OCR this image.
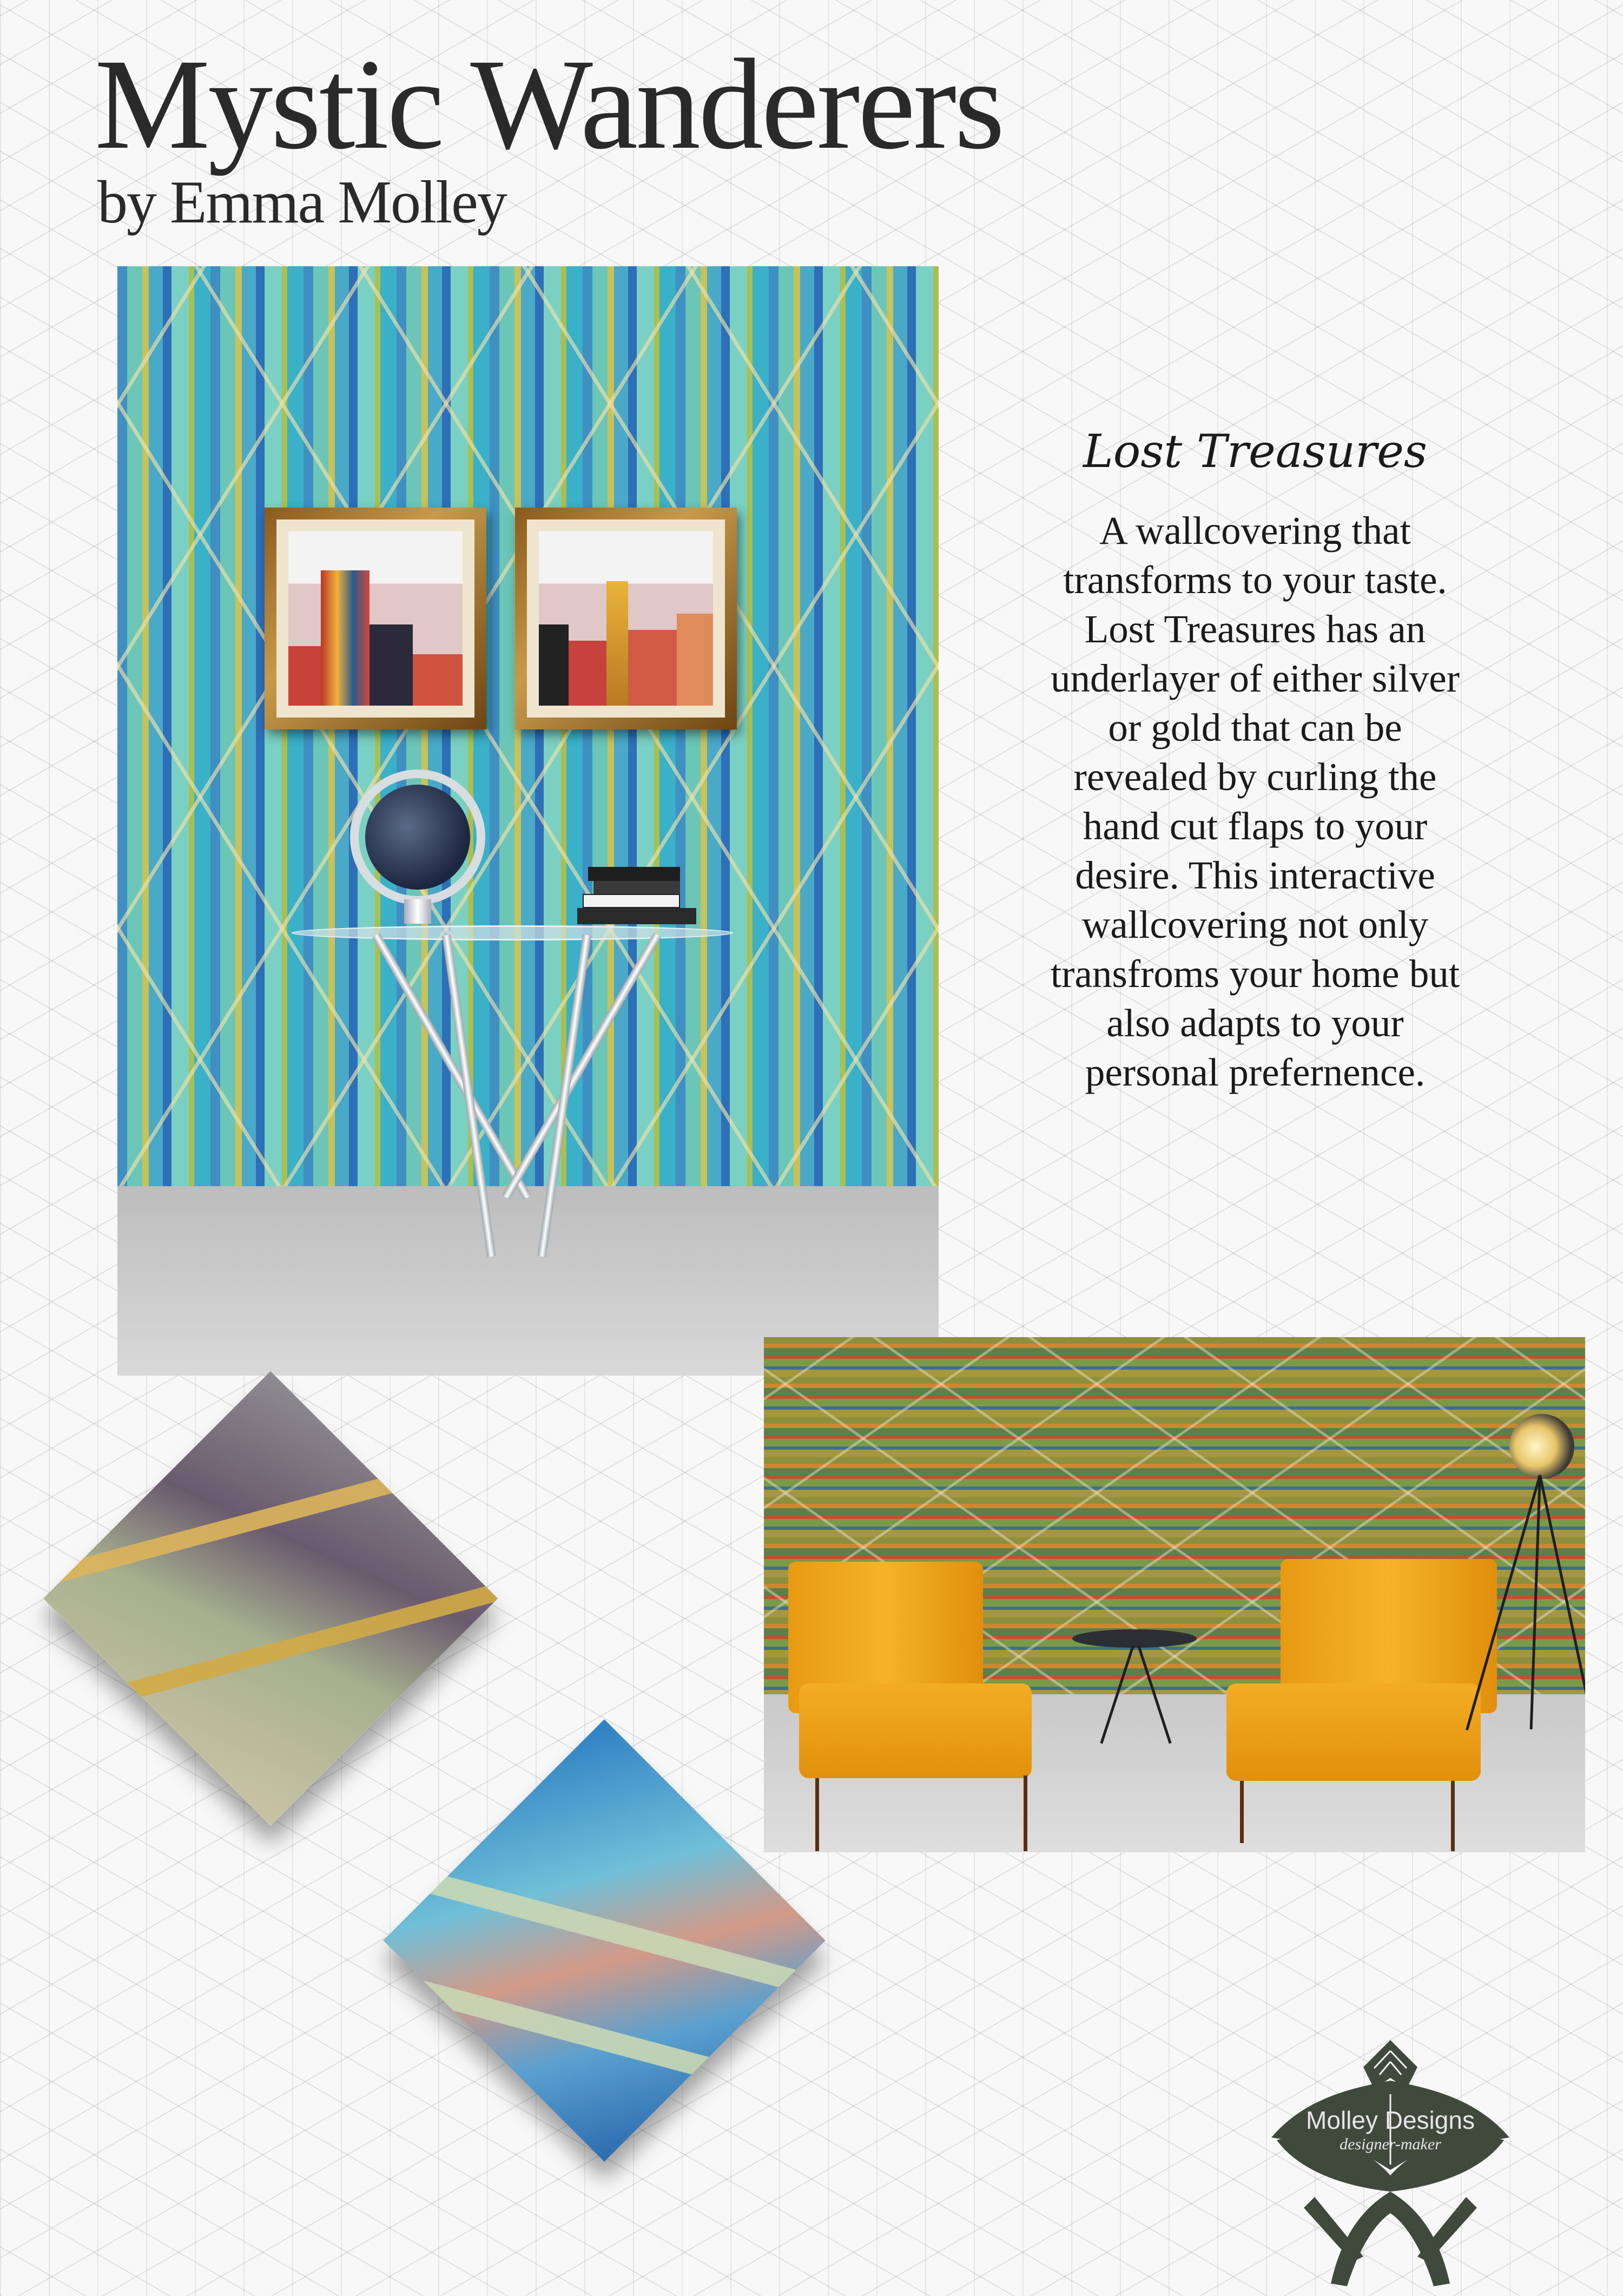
Mystic Wanderers
by Emma Molley
Lost Treasures

A wallcovering that
transforms to your taste.
Lost Treasures has an
underlayer of either silver
or gold that can be
revealed by curling the
hand cut flaps to your
desire. This interactive
wallcovering not only
transfroms your home but
also adapts to your
personal prefernence.

Molley Designs
designer-maker
